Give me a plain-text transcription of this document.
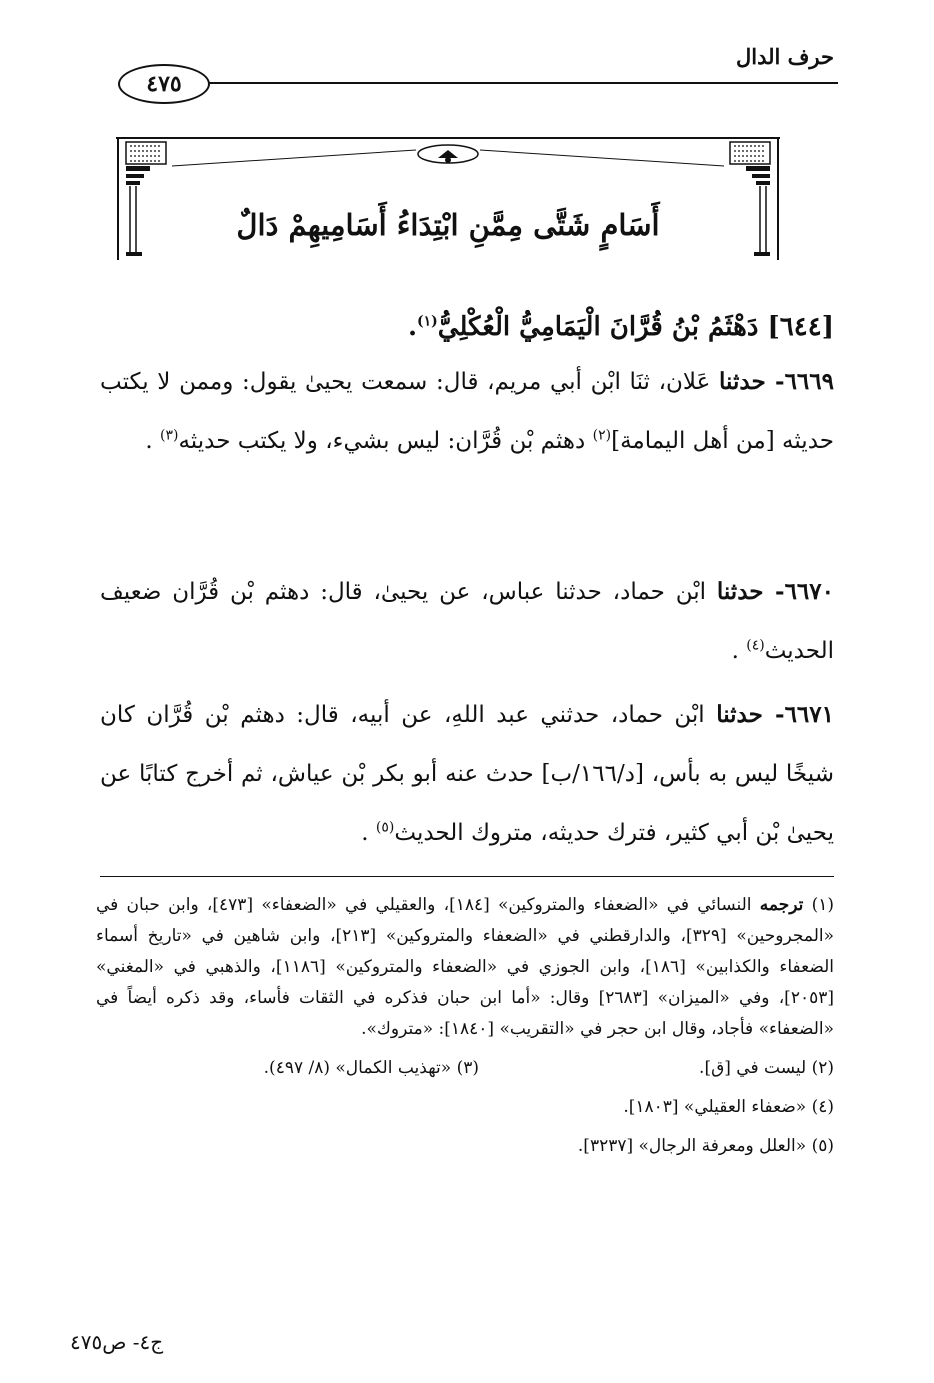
حرف الدال
٤٧٥
أَسَامٍ شَتَّى مِمَّنِ ابْتِدَاءُ أَسَامِيهِمْ دَالٌ
[٦٤٤] دَهْثَمُ بْنُ قُرَّانَ الْيَمَامِيُّ الْعُكْلِيُّ$^{(١)}$.
٦٦٦٩- حدثنا عَلان، ثنَا ابْن أبي مريم، قال: سمعت يحيىٰ يقول: وممن لا يكتب حديثه [من أهل اليمامة]$^{(٢)}$ دهثم بْن قُرَّان: ليس بشيء، ولا يكتب حديثه$^{(٣)}$ .
٦٦٧٠- حدثنا ابْن حماد، حدثنا عباس، عن يحيىٰ، قال: دهثم بْن قُرَّان ضعيف الحديث$^{(٤)}$ .
٦٦٧١- حدثنا ابْن حماد، حدثني عبد اللهِ، عن أبيه، قال: دهثم بْن قُرَّان كان شيخًا ليس به بأس، [د/١٦٦/ب] حدث عنه أبو بكر بْن عياش، ثم أخرج كتابًا عن يحيىٰ بْن أبي كثير، فترك حديثه، متروك الحديث$^{(٥)}$ .
(١) ترجمه النسائي في «الضعفاء والمتروكين» [١٨٤]، والعقيلي في «الضعفاء» [٤٧٣]، وابن حبان في «المجروحين» [٣٢٩]، والدارقطني في «الضعفاء والمتروكين» [٢١٣]، وابن شاهين في «تاريخ أسماء الضعفاء والكذابين» [١٨٦]، وابن الجوزي في «الضعفاء والمتروكين» [١١٨٦]، والذهبي في «المغني» [٢٠٥٣]، وفي «الميزان» [٢٦٨٣] وقال: «أما ابن حبان فذكره في الثقات فأساء، وقد ذكره أيضاً في «الضعفاء» فأجاد، وقال ابن حجر في «التقريب» [١٨٤٠]: «متروك».
(٢) ليست في [ق].
(٣) «تهذيب الكمال» (٨/ ٤٩٧).
(٤) «ضعفاء العقيلي» [١٨٠٣].
(٥) «العلل ومعرفة الرجال» [٣٢٣٧].
ج٤- ص٤٧٥
